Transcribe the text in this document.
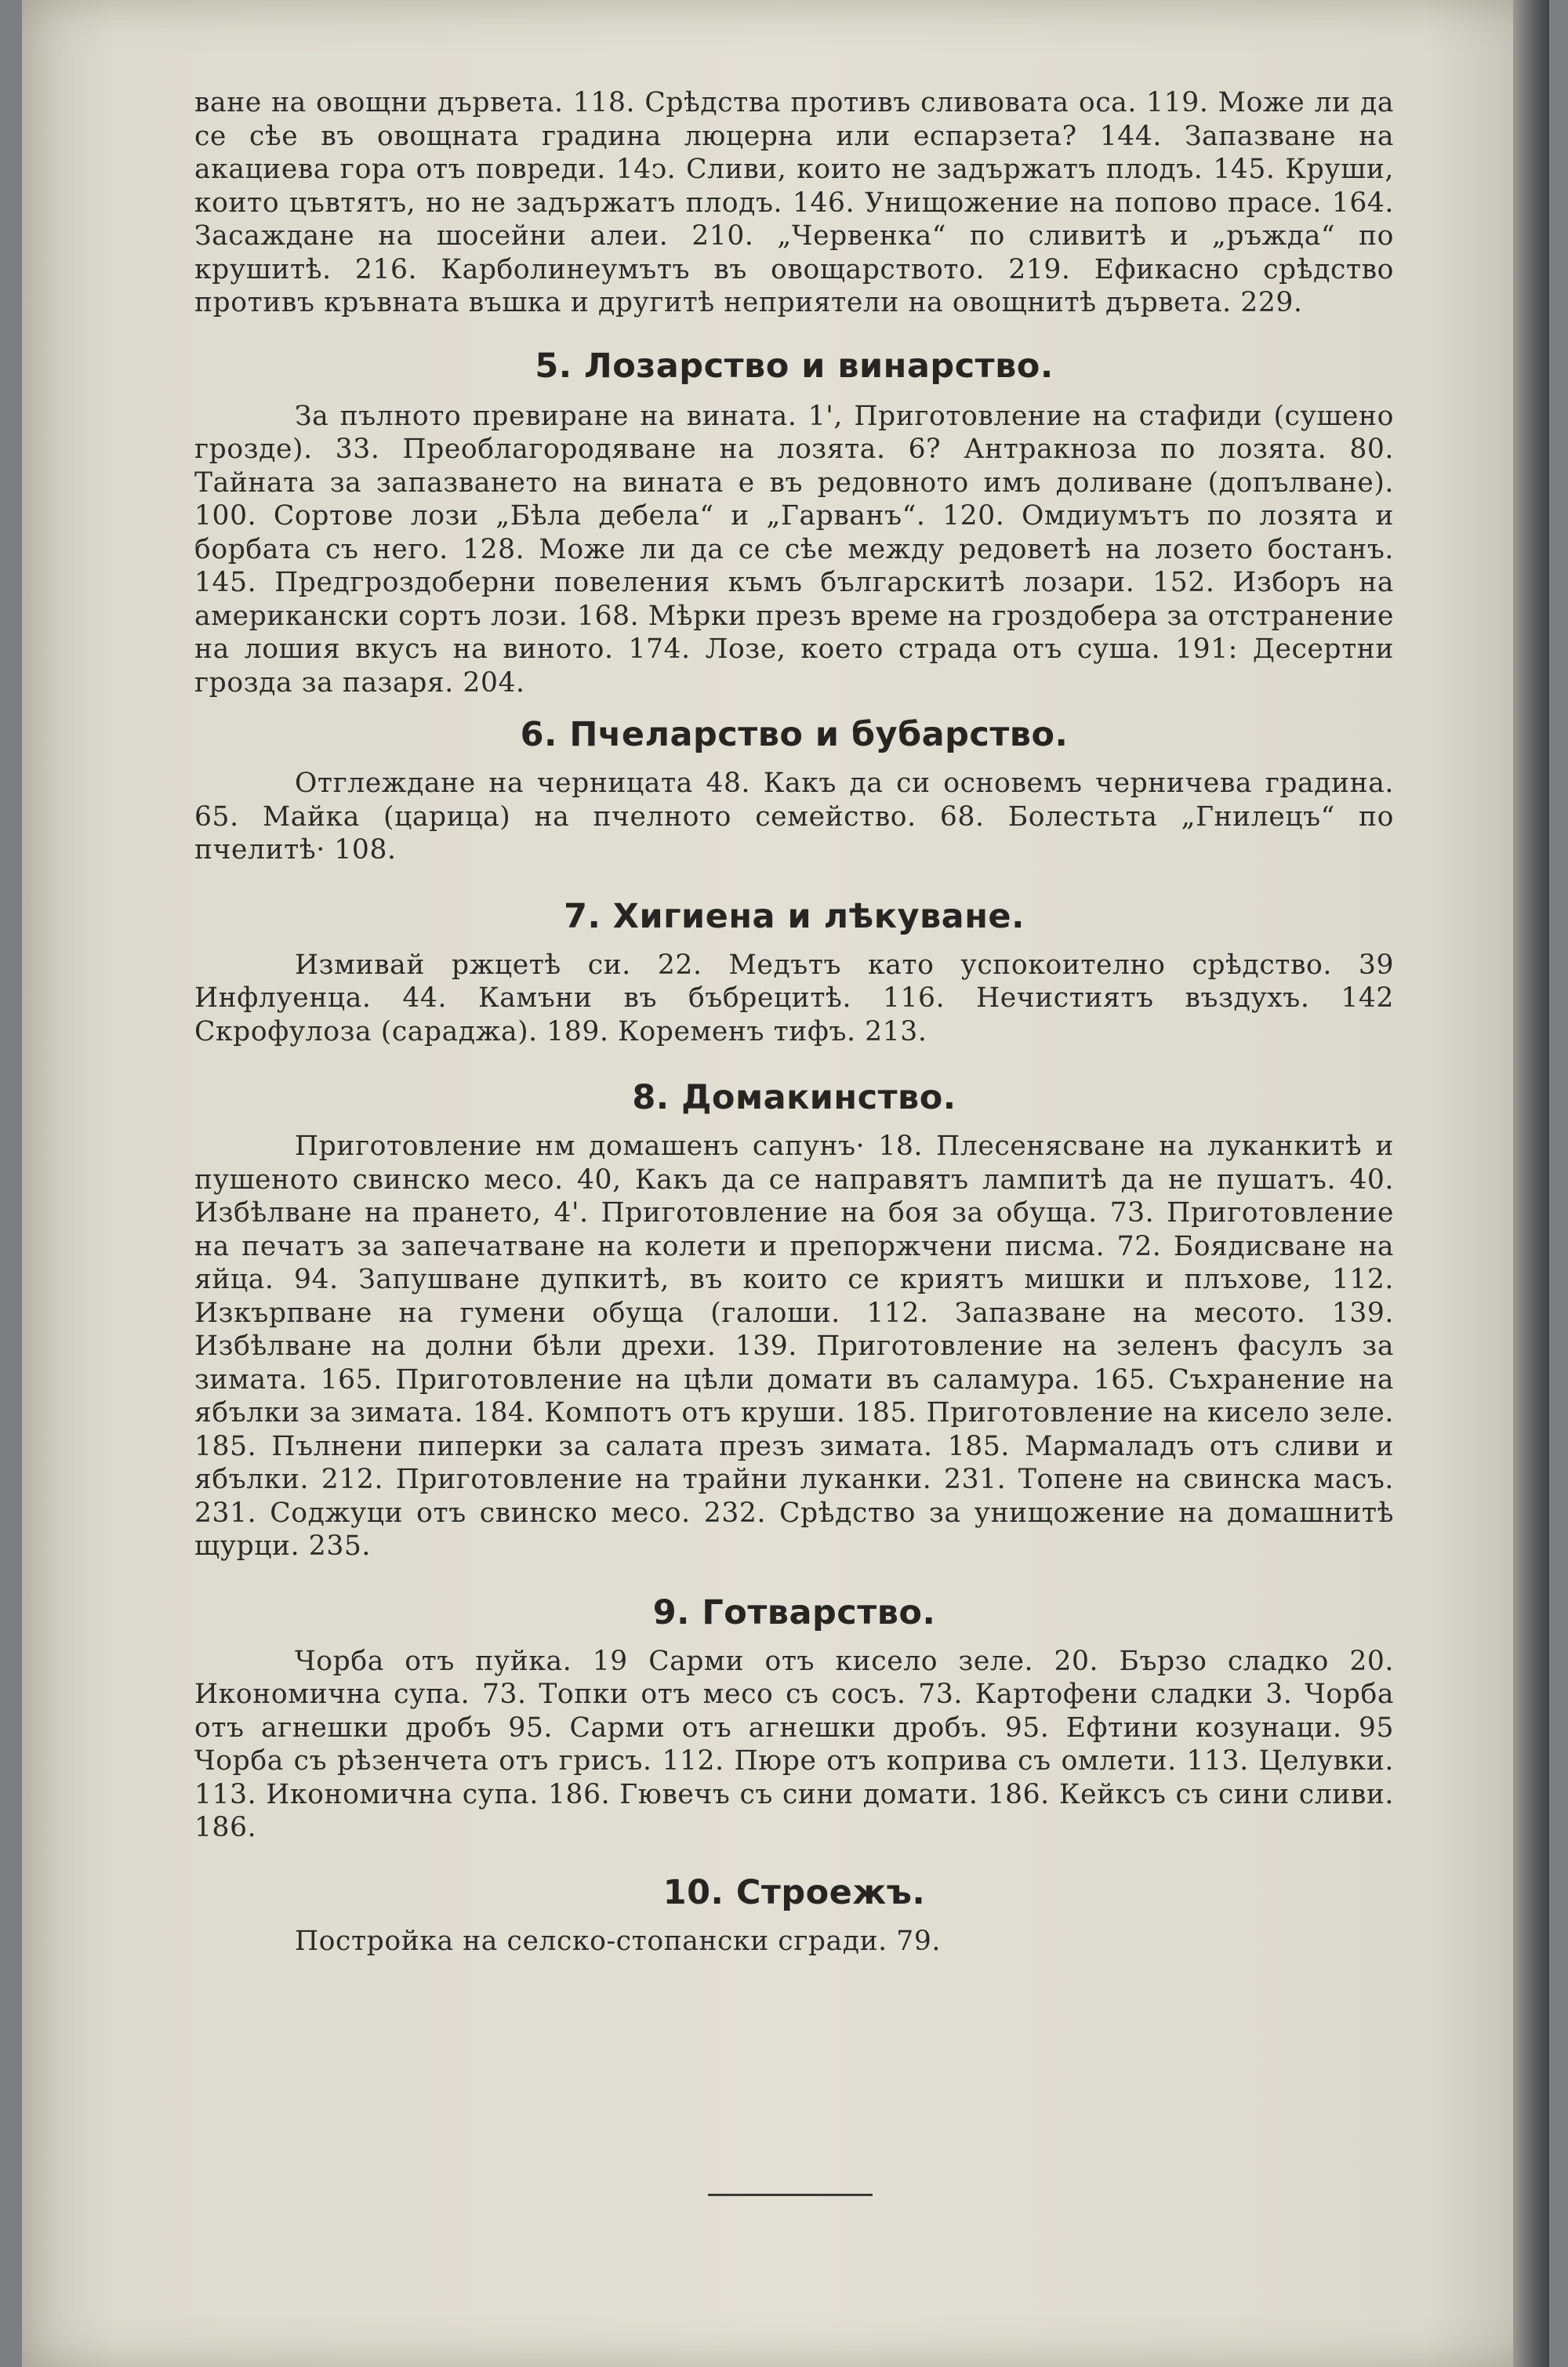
ване на овощни дървета. 118. Срѣдства противъ сливовата оса. 119. Може ли да се сѣе въ овощната градина люцерна или еспарзета? 144. Запазване на акациева гора отъ повреди. 14ↄ. Сливи, които не задържатъ плодъ. 145. Круши, които цъвтятъ, но не задържатъ плодъ. 146. Унищожение на попово прасе. 164. Засаждане на шосейни алеи. 210. „Червенка“ по сливитѣ и „ръжда“ по крушитѣ. 216. Карболинеумътъ въ овощарството. 219. Ефикасно срѣдство противъ кръвната въшка и другитѣ неприятели на овощнитѣ дървета. 229.

5. Лозарство и винарство.

За пълното превиране на вината. 1', Приготовление на стафиди (сушено грозде). 33. Преоблагородяване на лозята. 6? Антракноза по лозята. 80. Тайната за запазването на вината е въ редовното имъ доливане (допълване). 100. Сортове лози „Бѣла дебела“ и „Гарванъ“. 120. Омдиумътъ по лозята и борбата съ него. 128. Може ли да се сѣе между редоветѣ на лозето бостанъ. 145. Предгроздоберни повеления къмъ българскитѣ лозари. 152. Изборъ на американски сортъ лози. 168. Мѣрки презъ време на гроздобера за отстранение на лошия вкусъ на виното. 174. Лозе, което страда отъ суша. 191: Десертни грозда за пазаря. 204.

6. Пчеларство и бубарство.

Отглеждане на черницата 48. Какъ да си основемъ черничева градина. 65. Майка (царица) на пчелното семейство. 68. Болестьта „Гнилецъ“ по пчелитѣ· 108.

7. Хигиена и лѣкуване.

Измивай ржцетѣ си. 22. Медътъ като успокоително срѣдство. 39 Инфлуенца. 44. Камъни въ бъбрецитѣ. 116. Нечистиятъ въздухъ. 142 Скрофулоза (сараджа). 189. Коременъ тифъ. 213.

8. Домакинство.

Приготовление нм домашенъ сапунъ· 18. Плесенясване на луканкитѣ и пушеното свинско месо. 40, Какъ да се направятъ лампитѣ да не пушатъ. 40. Избѣлване на прането, 4'. Приготовление на боя за обуща. 73. Приготовление на печатъ за запечатване на колети и препоржчени писма. 72. Боядисване на яйца. 94. Запушване дупкитѣ, въ които се криятъ мишки и плъхове, 112. Изкърпване на гумени обуща (галоши. 112. Запазване на месото. 139. Избѣлване на долни бѣли дрехи. 139. Приготовление на зеленъ фасулъ за зимата. 165. Приготовление на цѣли домати въ саламура. 165. Съхранение на ябълки за зимата. 184. Компотъ отъ круши. 185. Приготовление на кисело зеле. 185. Пълнени пиперки за салата презъ зимата. 185. Мармаладъ отъ сливи и ябълки. 212. Приготовление на трайни луканки. 231. Топене на свинска масъ. 231. Соджуци отъ свинско месо. 232. Срѣдство за унищожение на домашнитѣ щурци. 235.

9. Готварство.

Чорба отъ пуйка. 19 Сарми отъ кисело зеле. 20. Бързо сладко 20. Икономична супа. 73. Топки отъ месо съ сосъ. 73. Картофени сладки 3. Чорба отъ агнешки дробъ 95. Сарми отъ агнешки дробъ. 95. Ефтини козунаци. 95 Чорба съ рѣзенчета отъ грисъ. 112. Пюре отъ коприва съ омлети. 113. Целувки. 113. Икономична супа. 186. Гювечъ съ сини домати. 186. Кейксъ съ сини сливи. 186.

10. Строежъ.

Постройка на селско-стопански сгради. 79.
